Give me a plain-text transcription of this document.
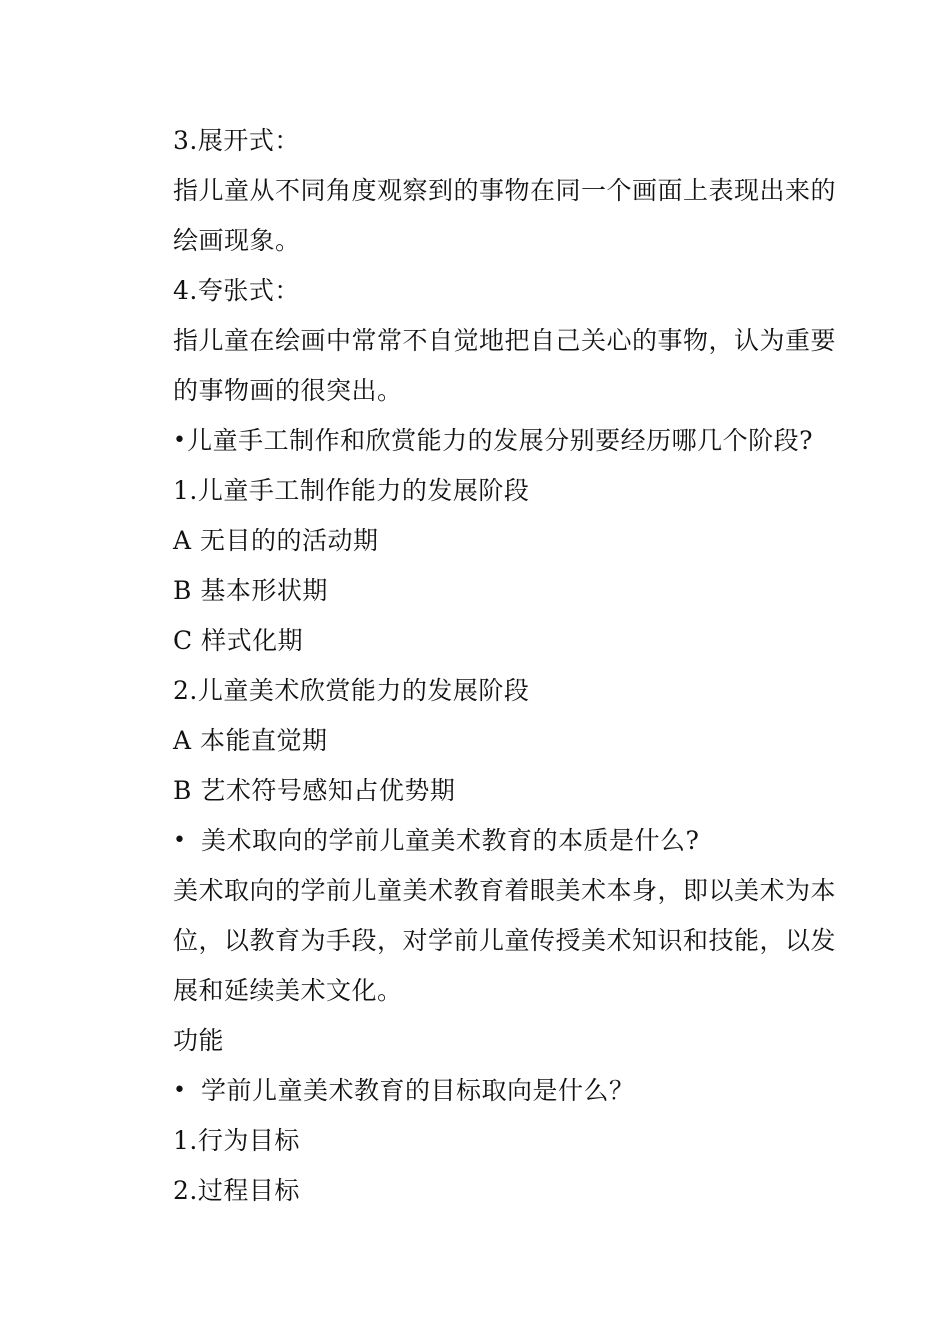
3.展开式：
指儿童从不同角度观察到的事物在同一个画面上表现出来的
绘画现象。
4.夸张式：
指儿童在绘画中常常不自觉地把自己关心的事物，认为重要
的事物画的很突出。
• 儿童手工制作和欣赏能力的发展分别要经历哪几个阶段?
1.儿童手工制作能力的发展阶段
A 无目的的活动期
B 基本形状期
C 样式化期
2.儿童美术欣赏能力的发展阶段
A 本能直觉期
B 艺术符号感知占优势期
• 美术取向的学前儿童美术教育的本质是什么?
美术取向的学前儿童美术教育着眼美术本身，即以美术为本
位，以教育为手段，对学前儿童传授美术知识和技能，以发
展和延续美术文化。
功能
• 学前儿童美术教育的目标取向是什么？
1.行为目标
2.过程目标
